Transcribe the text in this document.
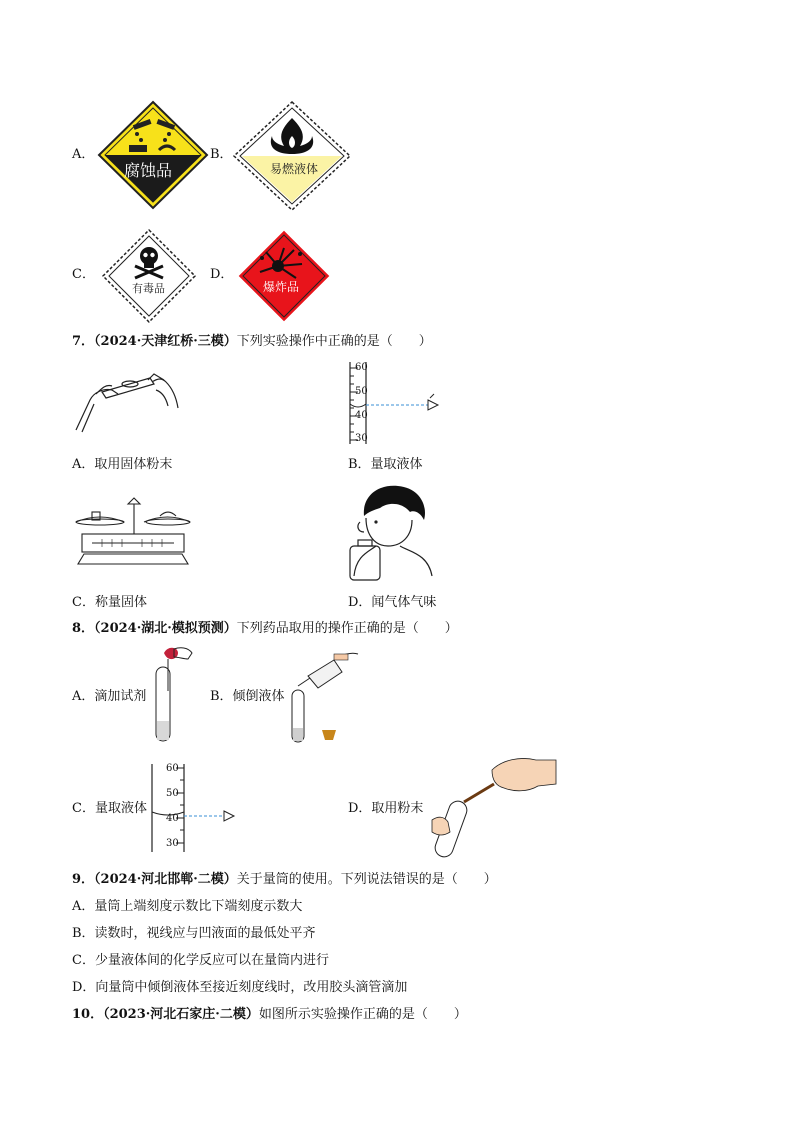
A．
腐蚀品
B．
易燃液体
C．
有毒品
D．
爆炸品
7．（2024·天津红桥·三模）下列实验操作中正确的是（　　）
A．取用固体粉末
60
50
40
30
B．量取液体
C．称量固体	D．闻气体气味
8．（2024·湖北·模拟预测）下列药品取用的操作正确的是（　　）
A．滴加试剂	B．倾倒液体
C．量取液体
60
50
40
30
D．取用粉末
9．（2024·河北邯郸·二模）关于量筒的使用。下列说法错误的是（　　）
A．量筒上端刻度示数比下端刻度示数大
B．读数时，视线应与凹液面的最低处平齐
C．少量液体间的化学反应可以在量筒内进行
D．向量筒中倾倒液体至接近刻度线时，改用胶头滴管滴加
10．（2023·河北石家庄·二模）如图所示实验操作正确的是（　　）
